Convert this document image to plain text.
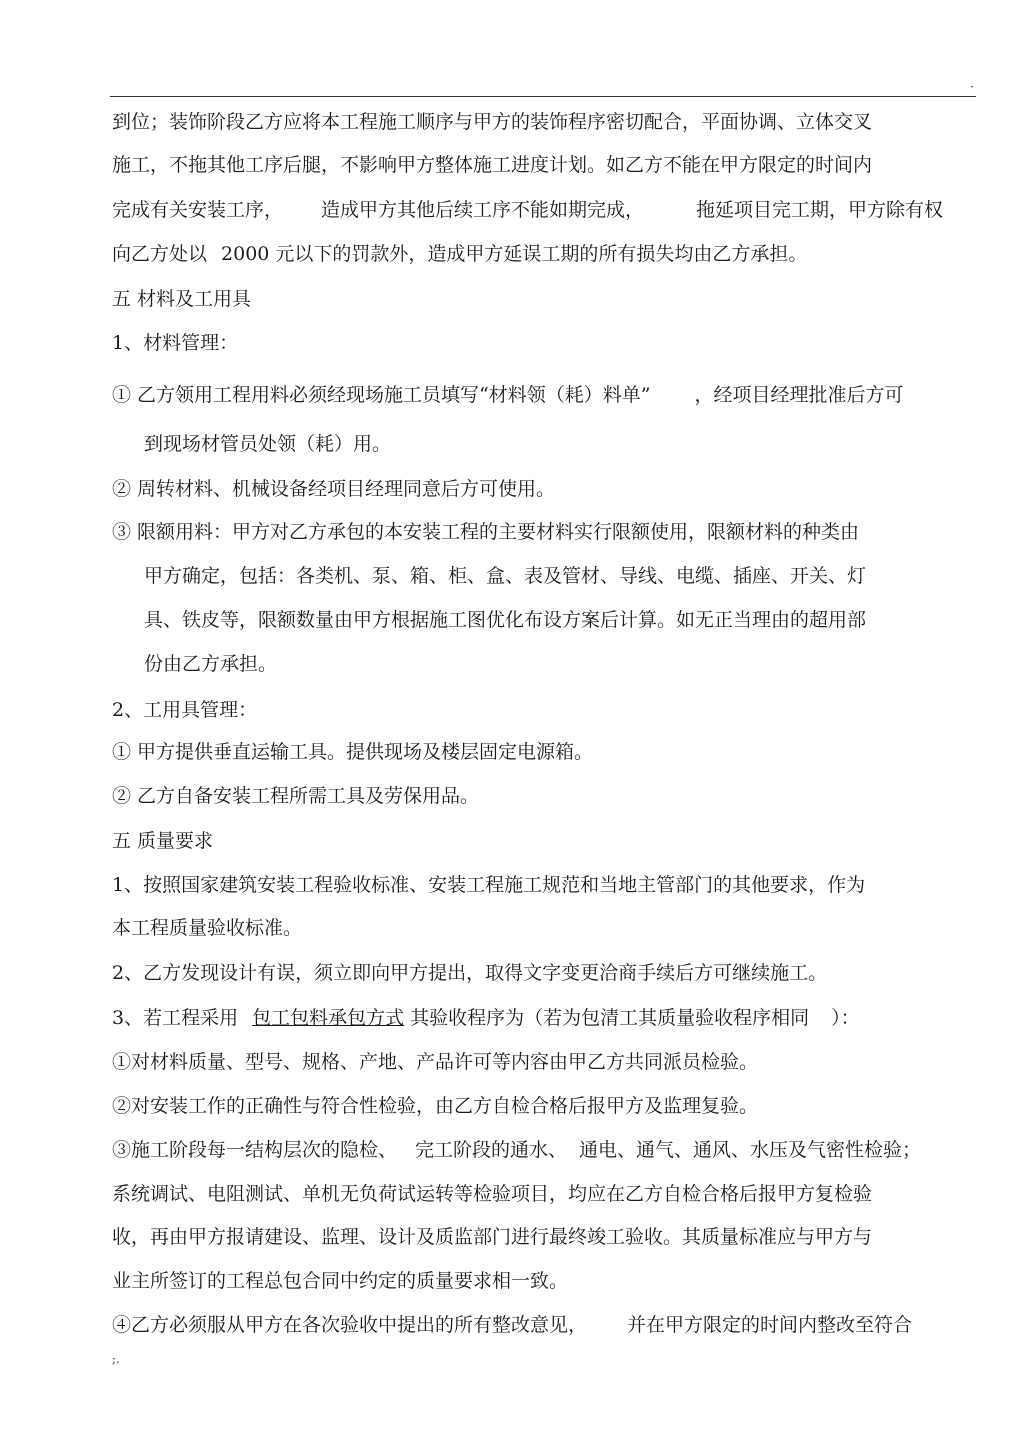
·
到位；装饰阶段乙方应将本工程施工顺序与甲方的装饰程序密切配合，平面协调、立体交叉
施工，不拖其他工序后腿，不影响甲方整体施工进度计划。如乙方不能在甲方限定的时间内
完成有关安装工序， 造成甲方其他后续工序不能如期完成，	拖延项目完工期，甲方除有权
向乙方处以 2000 元以下的罚款外，造成甲方延误工期的所有损失均由乙方承担。
五 材料及工用具
1、材料管理：
① 乙方领用工程用料必须经现场施工员填写“材料领（耗）料单” ，经项目经理批准后方可
到现场材管员处领（耗）用。
② 周转材料、机械设备经项目经理同意后方可使用。
③ 限额用料：甲方对乙方承包的本安装工程的主要材料实行限额使用，限额材料的种类由
甲方确定，包括：各类机、泵、箱、柜、盒、表及管材、导线、电缆、插座、开关、灯
具、铁皮等，限额数量由甲方根据施工图优化布设方案后计算。如无正当理由的超用部
份由乙方承担。
2、工用具管理：
① 甲方提供垂直运输工具。提供现场及楼层固定电源箱。
② 乙方自备安装工程所需工具及劳保用品。
五 质量要求
1、按照国家建筑安装工程验收标准、安装工程施工规范和当地主管部门的其他要求，作为
本工程质量验收标准。
2、乙方发现设计有误，须立即向甲方提出，取得文字变更洽商手续后方可继续施工。
3、若工程采用 包工包料承包方式 其验收程序为（若为包清工其质量验收程序相同 ）：
①对材料质量、型号、规格、产地、产品许可等内容由甲乙方共同派员检验。
②对安装工作的正确性与符合性检验，由乙方自检合格后报甲方及监理复验。
③施工阶段每一结构层次的隐检、 完工阶段的通水、 通电、通气、通风、水压及气密性检验；
系统调试、电阻测试、单机无负荷试运转等检验项目，均应在乙方自检合格后报甲方复检验
收，再由甲方报请建设、监理、设计及质监部门进行最终竣工验收。其质量标准应与甲方与
业主所签订的工程总包合同中约定的质量要求相一致。
④乙方必须服从甲方在各次验收中提出的所有整改意见， 并在甲方限定的时间内整改至符合
;.
